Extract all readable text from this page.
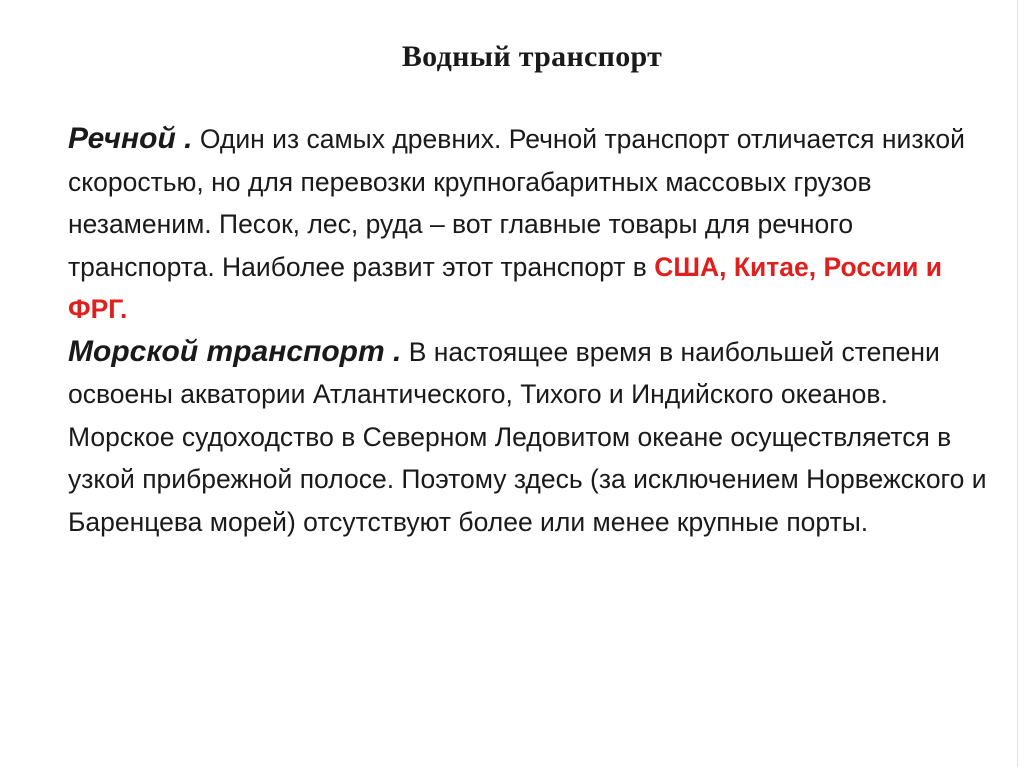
Водный транспорт

Речной . Один из самых древних. Речной транспорт отличается низкой скоростью, но для перевозки крупногабаритных массовых грузов незаменим. Песок, лес, руда – вот главные товары для речного транспорта. Наиболее развит этот транспорт в США, Китае, России и ФРГ.

Морской транспорт . В настоящее время в наибольшей степени освоены акватории Атлантического, Тихого и Индийского океанов. Морское судоходство в Северном Ледовитом океане осуществляется в узкой прибрежной полосе. Поэтому здесь (за исключением Норвежского и Баренцева морей) отсутствуют более или менее крупные порты.
